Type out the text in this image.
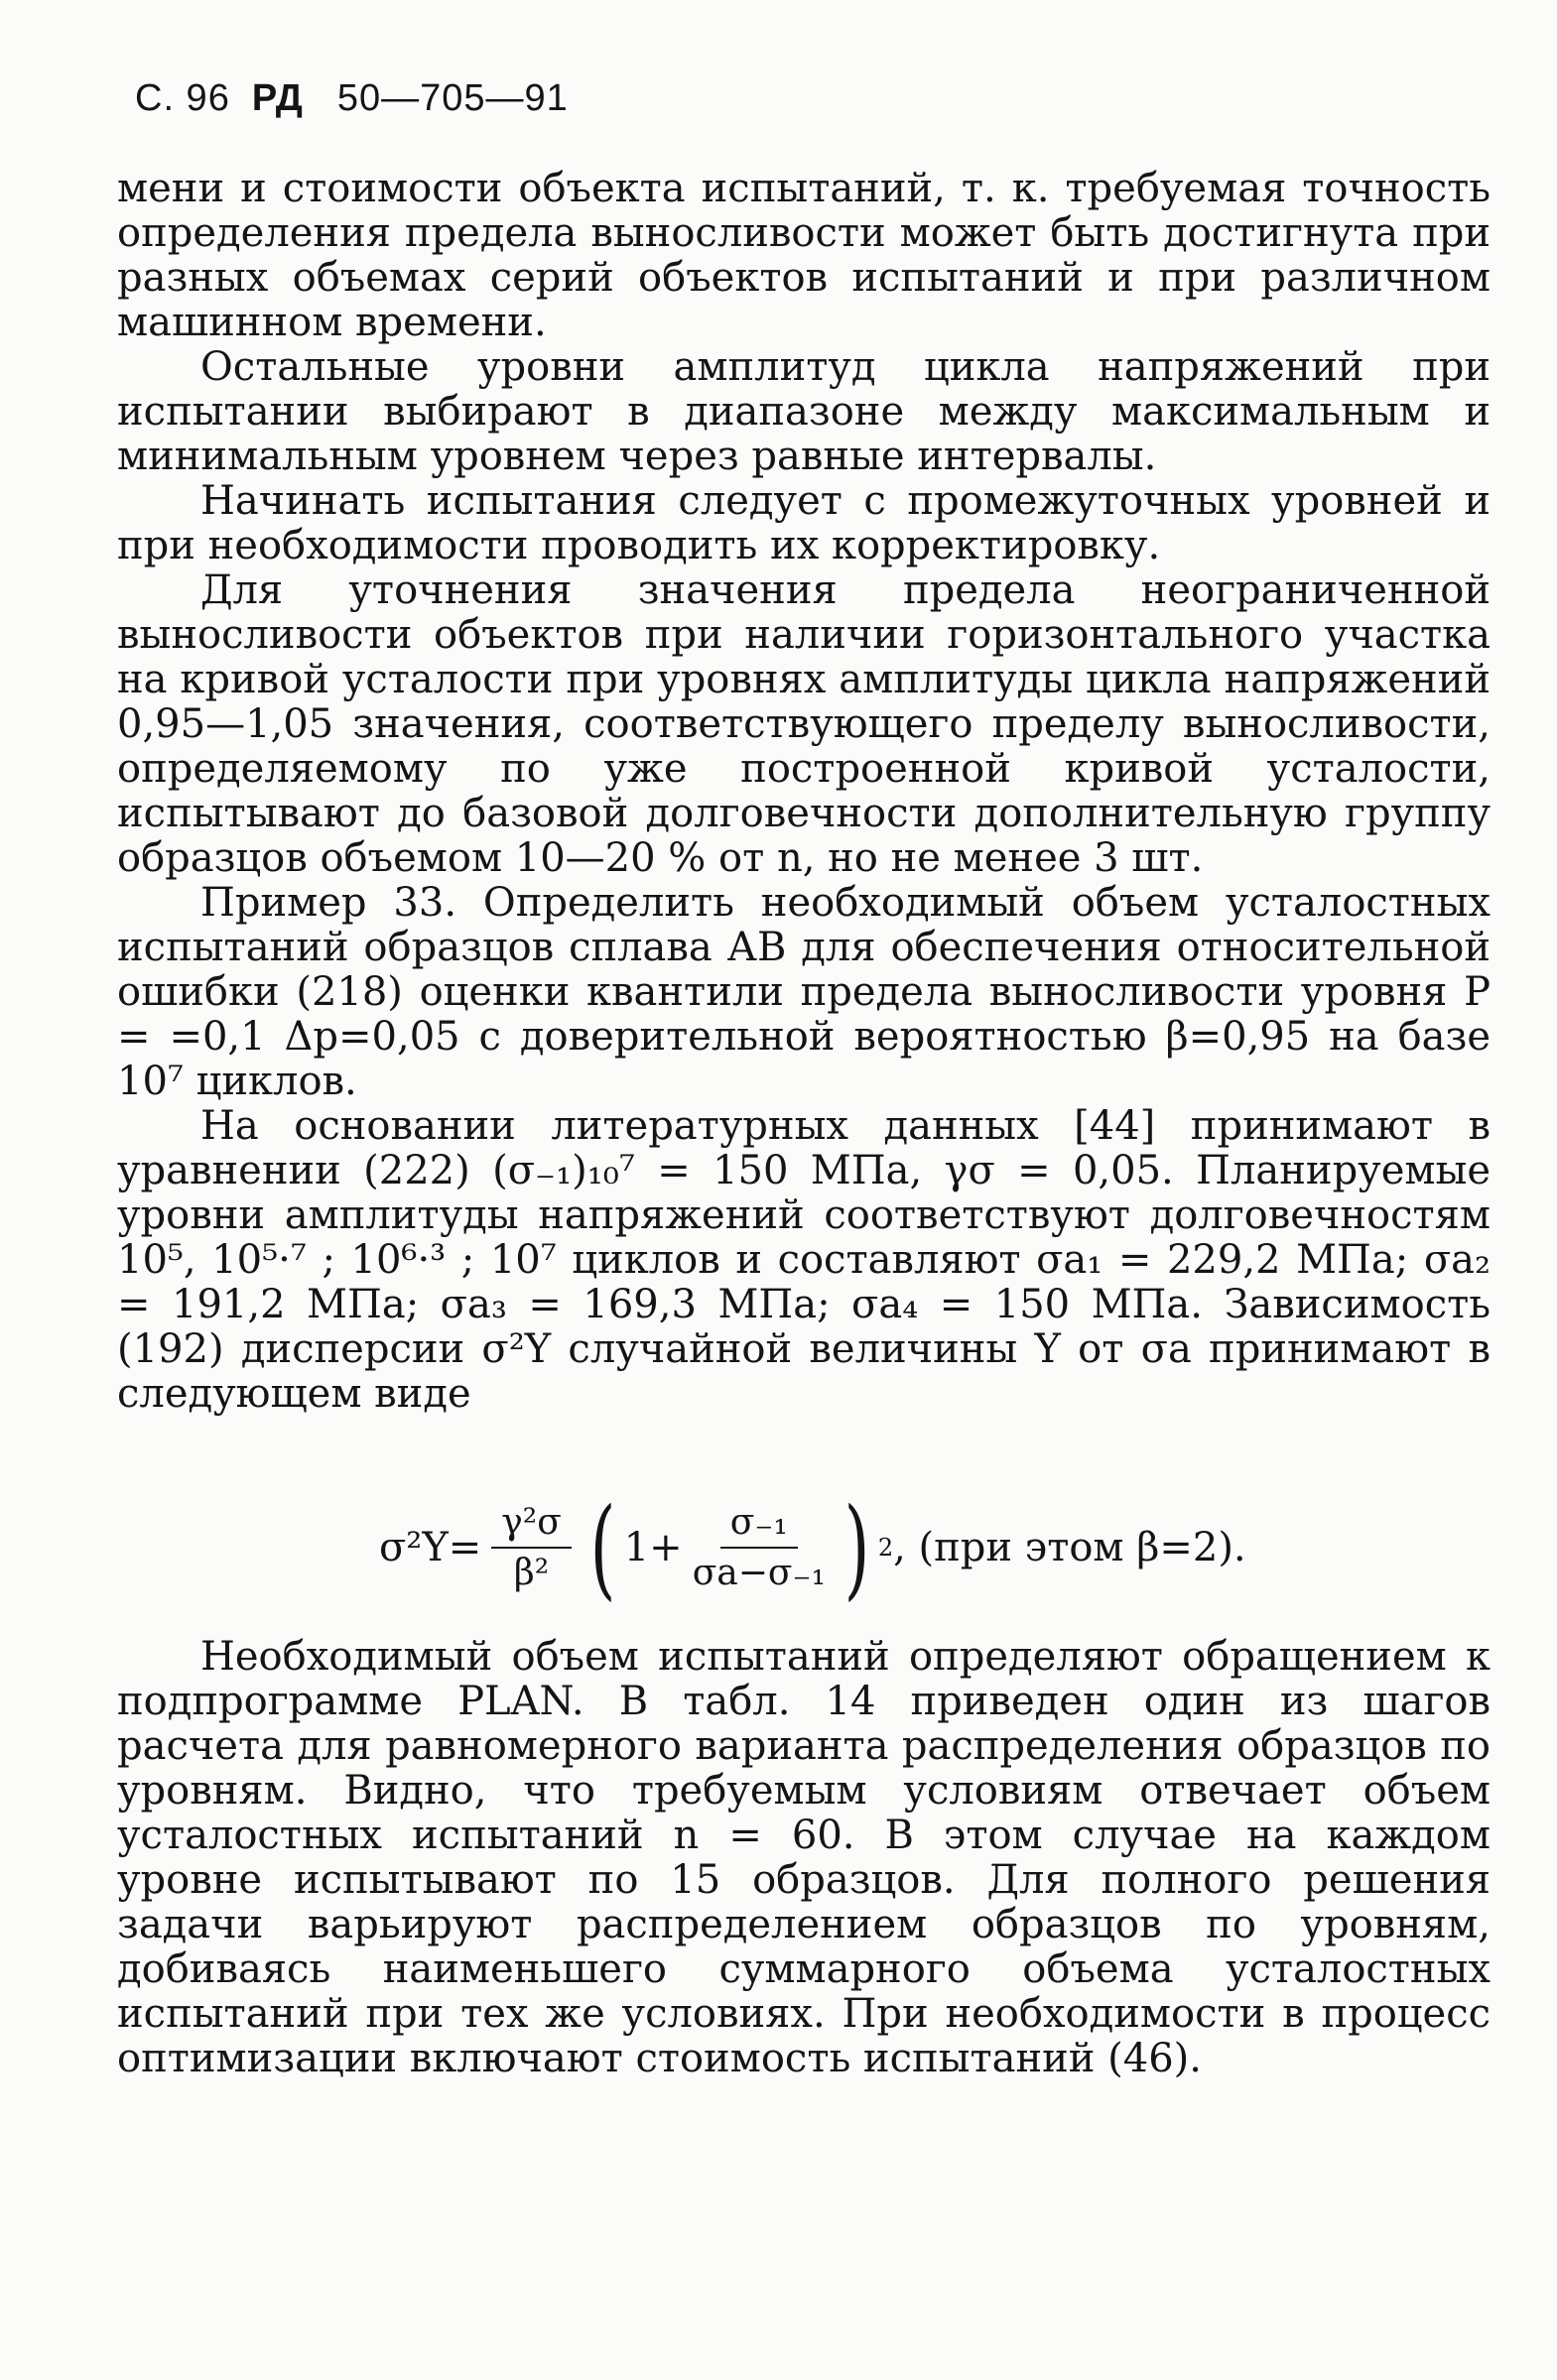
С. 96 РД 50—705—91

мени и стоимости объекта испытаний, т. к. требуемая точность определения предела выносливости может быть достигнута при разных объемах серий объектов испытаний и при различном машинном времени.

Остальные уровни амплитуд цикла напряжений при испытании выбирают в диапазоне между максимальным и минимальным уровнем через равные интервалы.

Начинать испытания следует с промежуточных уровней и при необходимости проводить их корректировку.

Для уточнения значения предела неограниченной выносливости объектов при наличии горизонтального участка на кривой усталости при уровнях амплитуды цикла напряжений 0,95—1,05 значения, соответствующего пределу выносливости, определяемому по уже построенной кривой усталости, испытывают до базовой долговечности дополнительную группу образцов объемом 10—20 % от n, но не менее 3 шт.

Пример 33. Определить необходимый объем усталостных испытаний образцов сплава АВ для обеспечения относительной ошибки (218) оценки квантили предела выносливости уровня P = =0,1 Δp=0,05 с доверительной вероятностью β=0,95 на базе 10⁷ циклов.

На основании литературных данных [44] принимают в уравнении (222) (σ₋₁)₁₀⁷ = 150 МПа, γσ = 0,05. Планируемые уровни амплитуды напряжений соответствуют долговечностям 10⁵, 10⁵·⁷ ; 10⁶·³ ; 10⁷ циклов и составляют σa₁ = 229,2 МПа; σa₂ = 191,2 МПа; σa₃ = 169,3 МПа; σa₄ = 150 МПа. Зависимость (192) дисперсии σ²Y случайной величины Y от σa принимают в следующем виде

$\sigma^2Y= \frac{\text{γ²σ}}{\text{β²}}$ ( $1+ \frac{\text{σ₋₁}}{\text{σa−σ₋₁}}$ ) 2 , (при этом β=2).

Необходимый объем испытаний определяют обращением к подпрограмме PLAN. В табл. 14 приведен один из шагов расчета для равномерного варианта распределения образцов по уровням. Видно, что требуемым условиям отвечает объем усталостных испытаний n = 60. В этом случае на каждом уровне испытывают по 15 образцов. Для полного решения задачи варьируют распределением образцов по уровням, добиваясь наименьшего суммарного объема усталостных испытаний при тех же условиях. При необходимости в процесс оптимизации включают стоимость испытаний (46).
